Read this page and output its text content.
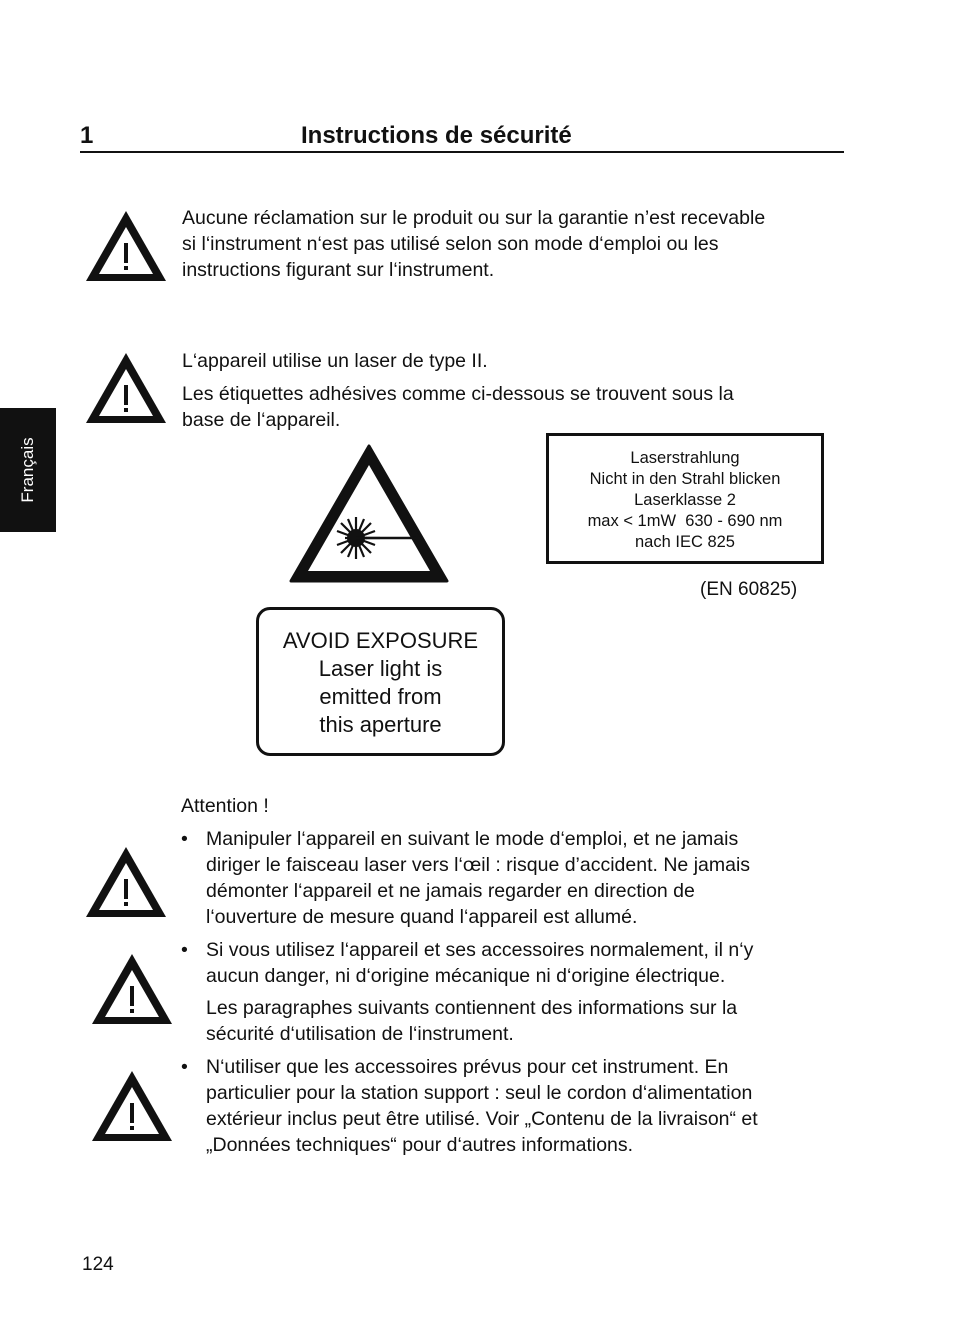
1	Instructions de sécurité
Français
Aucune réclamation sur le produit ou sur la garantie n’est recevable
si l‘instrument n‘est pas utilisé selon son mode d‘emploi ou les
instructions figurant sur l‘instrument.
L‘appareil utilise un laser de type II.
Les étiquettes adhésives comme ci-dessous se trouvent sous la
base de l‘appareil.
Laserstrahlung
Nicht in den Strahl blicken
Laserklasse 2
max < 1mW  630 - 690 nm
nach IEC 825
(EN 60825)
AVOID EXPOSURE
Laser light is
emitted from
this aperture
Attention !
• Manipuler l‘appareil en suivant le mode d‘emploi, et ne jamais
diriger le faisceau laser vers l‘œil : risque d’accident. Ne jamais
démonter l‘appareil et ne jamais regarder en direction de
l‘ouverture de mesure quand l‘appareil est allumé.
• Si vous utilisez l‘appareil et ses accessoires normalement, il n‘y
aucun danger, ni d‘origine mécanique ni d‘origine électrique.
Les paragraphes suivants contiennent des informations sur la
sécurité d‘utilisation de l‘instrument.
• N‘utiliser que les accessoires prévus pour cet instrument. En
particulier pour la station support : seul le cordon d‘alimentation
extérieur inclus peut être utilisé. Voir „Contenu de la livraison“ et
„Données techniques“ pour d‘autres informations.
124
